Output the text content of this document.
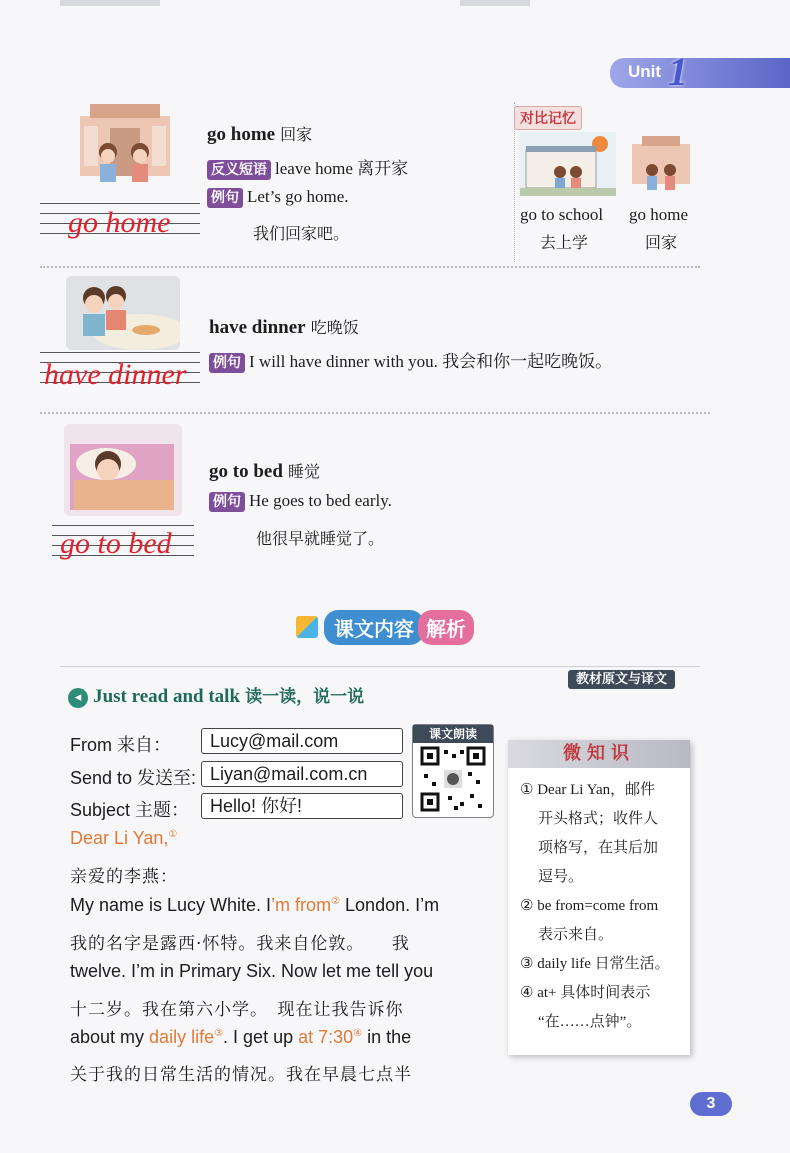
Unit 1
go home
go home 回家
反义短语 leave home 离开家
例句 Let’s go home.
我们回家吧。
对比记忆
go to school
去上学
go home
回家
have dinner
have dinner 吃晚饭
例句 I will have dinner with you. 我会和你一起吃晚饭。
go to bed
go to bed 睡觉
例句 He goes to bed early.
他很早就睡觉了。
课文内容 解析
教材原文与译文
◂ Just read and talk 读一读，说一说
From 来自：	Lucy@mail.com
Send to 发送至: Liyan@mail.com.cn
Subject 主题：	Hello! 你好!
课文朗读
Dear Li Yan,①
亲爱的李燕：
My name is Lucy White. I’m from② London. I’m
我的名字是露西·怀特。我来自伦敦。　　我
twelve. I’m in Primary Six. Now let me tell you
十二岁。我在第六小学。　现在让我告诉你
about my daily life③. I get up at 7:30④ in the
关于我的日常生活的情况。我在早晨七点半
微知识
① Dear Li Yan，邮件
开头格式；收件人
项格写，在其后加
逗号。
② be from=come from
表示来自。
③ daily life 日常生活。
④ at+ 具体时间表示
“在……点钟”。
3
